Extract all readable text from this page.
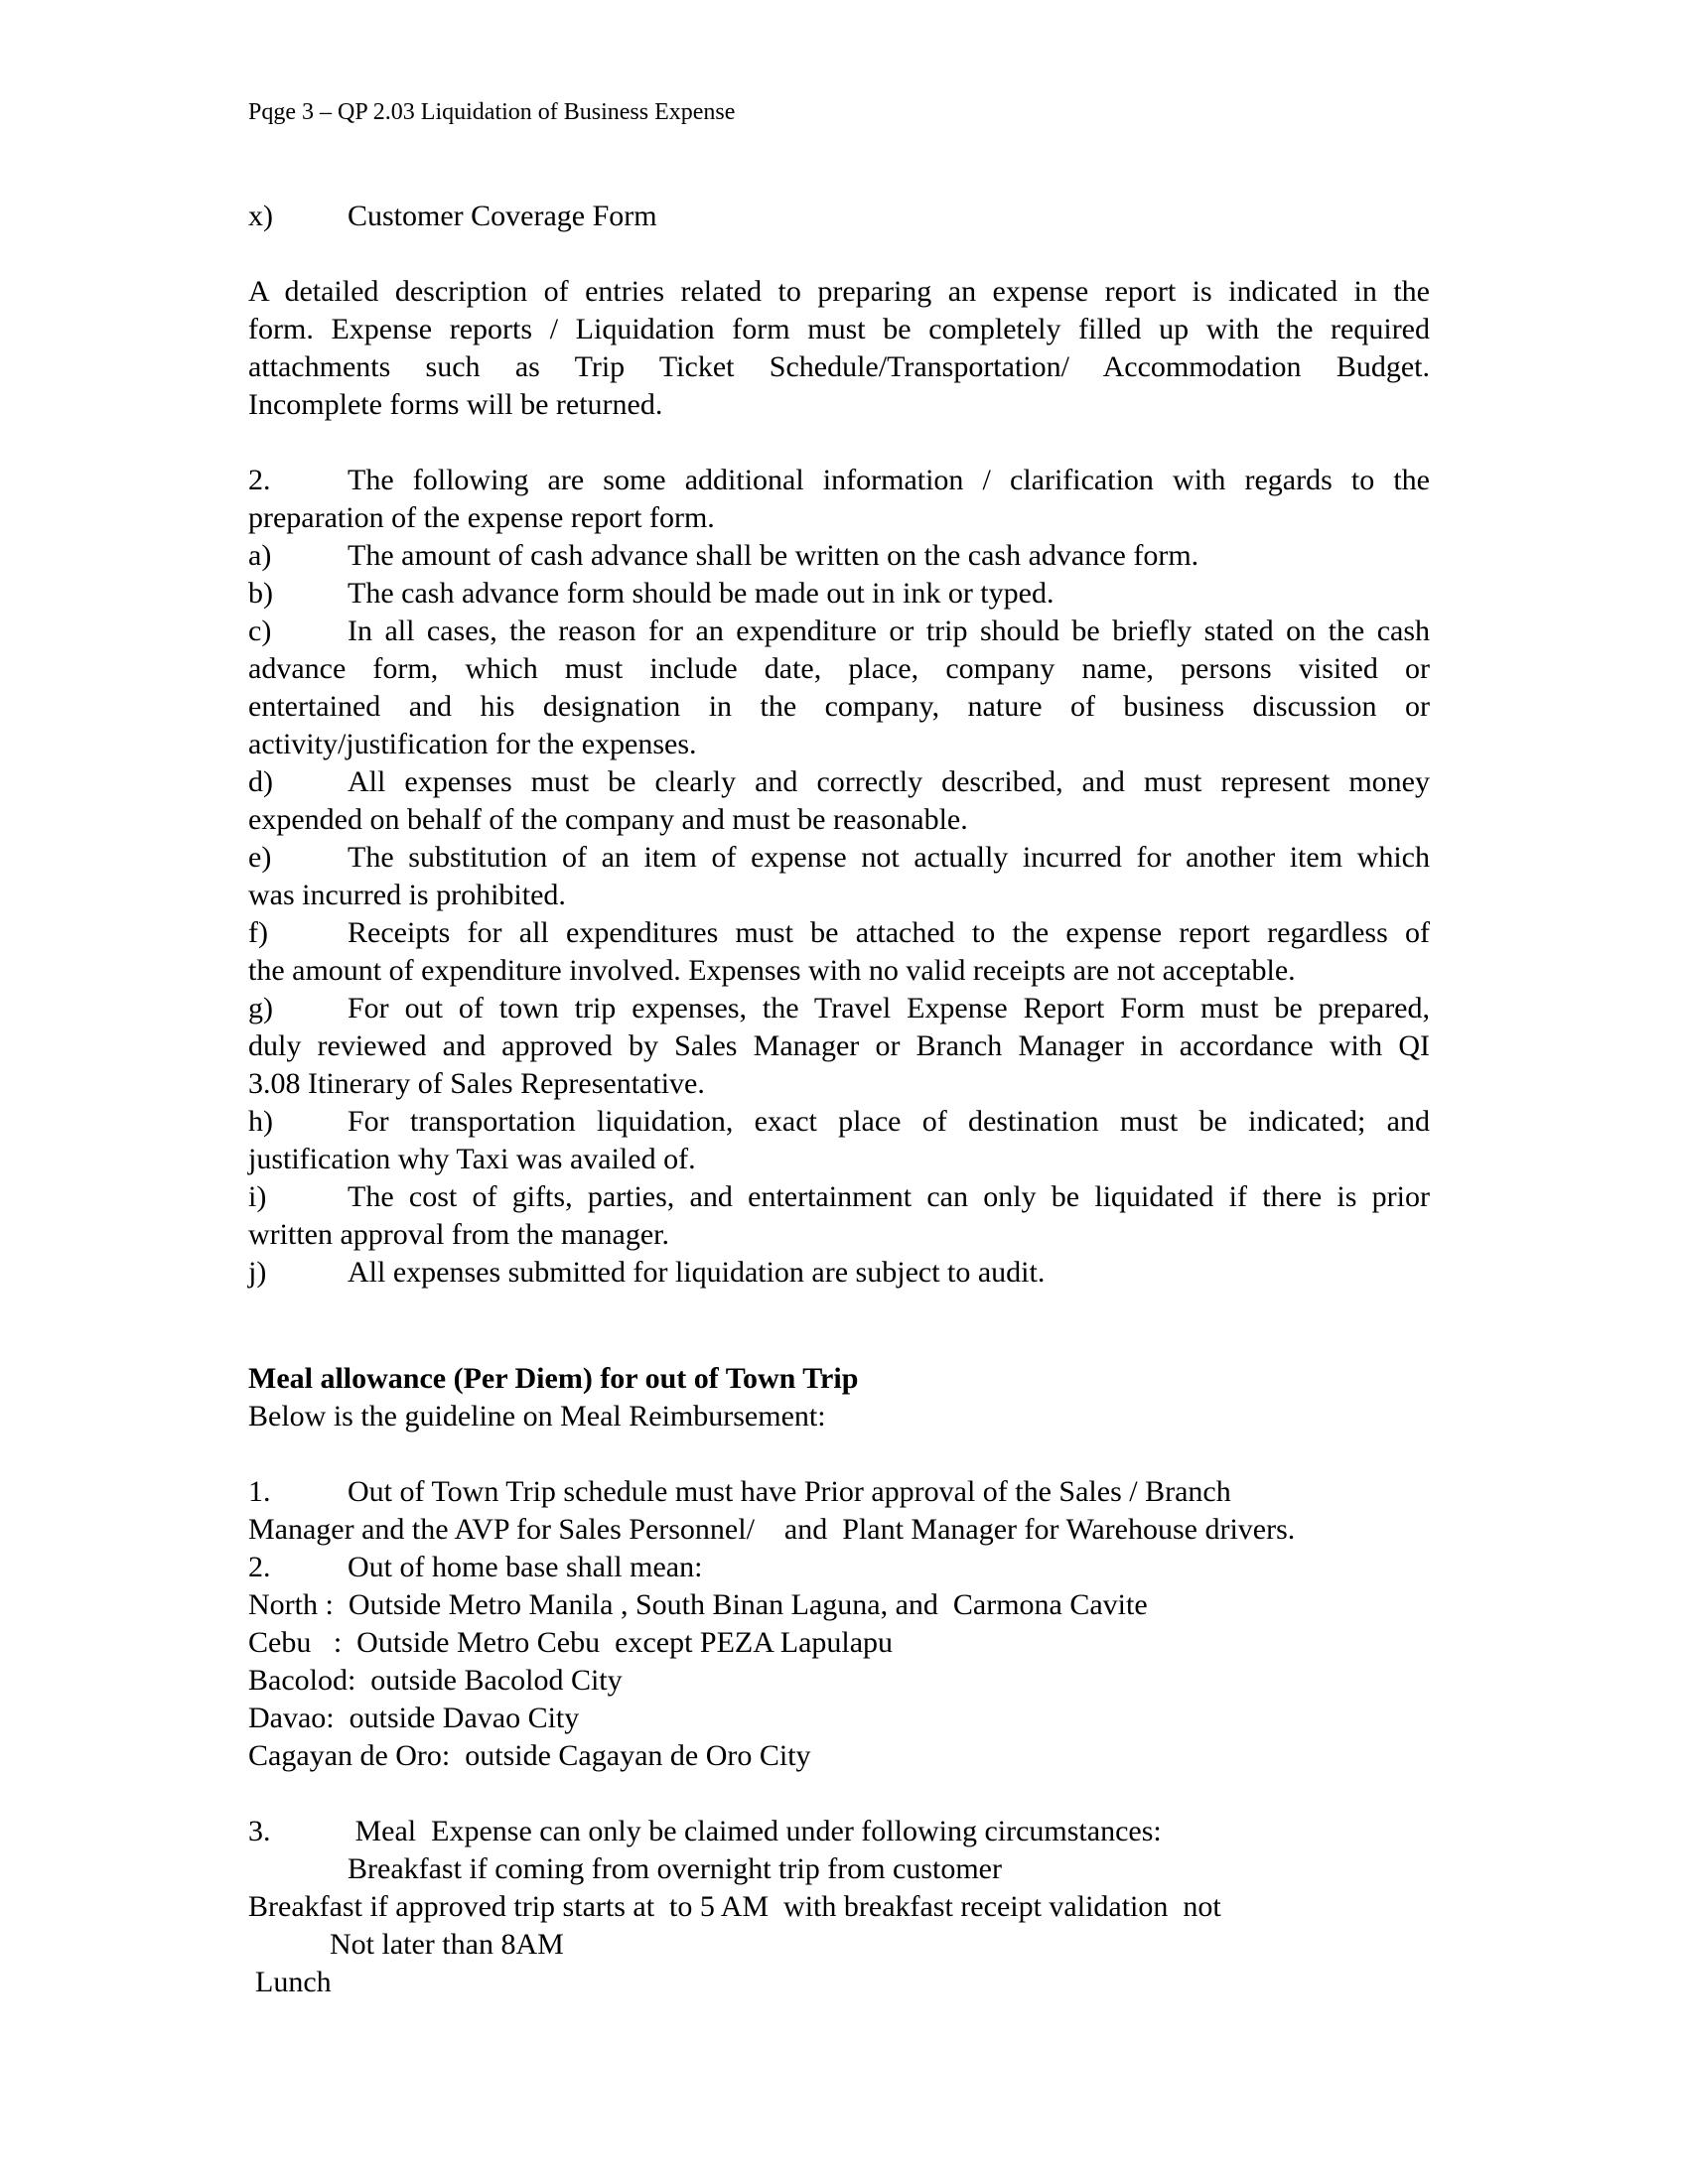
Pqge 3 – QP 2.03 Liquidation of Business Expense
x)	Customer Coverage Form
A detailed description of entries related to preparing an expense report is indicated in the
form. Expense reports / Liquidation form must be completely filled up with the required
attachments such as Trip Ticket Schedule/Transportation/ Accommodation Budget.
Incomplete forms will be returned.
2.	The following are some additional information / clarification with regards to the
preparation of the expense report form.
a)	The amount of cash advance shall be written on the cash advance form.
b)	The cash advance form should be made out in ink or typed.
c)	In all cases, the reason for an expenditure or trip should be briefly stated on the cash
advance form, which must include date, place, company name, persons visited or
entertained and his designation in the company, nature of business discussion or
activity/justification for the expenses.
d)	All expenses must be clearly and correctly described, and must represent money
expended on behalf of the company and must be reasonable.
e)	The substitution of an item of expense not actually incurred for another item which
was incurred is prohibited.
f)	Receipts for all expenditures must be attached to the expense report regardless of
the amount of expenditure involved. Expenses with no valid receipts are not acceptable.
g)	For out of town trip expenses, the Travel Expense Report Form must be prepared,
duly reviewed and approved by Sales Manager or Branch Manager in accordance with QI
3.08 Itinerary of Sales Representative.
h)	For transportation liquidation, exact place of destination must be indicated; and
justification why Taxi was availed of.
i)	The cost of gifts, parties, and entertainment can only be liquidated if there is prior
written approval from the manager.
j)	All expenses submitted for liquidation are subject to audit.
Meal allowance (Per Diem) for out of Town Trip
Below is the guideline on Meal Reimbursement:
1.	Out of Town Trip schedule must have Prior approval of the Sales / Branch
Manager and the AVP for Sales Personnel/    and  Plant Manager for Warehouse drivers.
2.	Out of home base shall mean:
North :  Outside Metro Manila , South Binan Laguna, and  Carmona Cavite
Cebu   :  Outside Metro Cebu  except PEZA Lapulapu
Bacolod:  outside Bacolod City
Davao:  outside Davao City
Cagayan de Oro:  outside Cagayan de Oro City
3.	Meal  Expense can only be claimed under following circumstances:
Breakfast if coming from overnight trip from customer
Breakfast if approved trip starts at  to 5 AM  with breakfast receipt validation  not
Not later than 8AM
Lunch
